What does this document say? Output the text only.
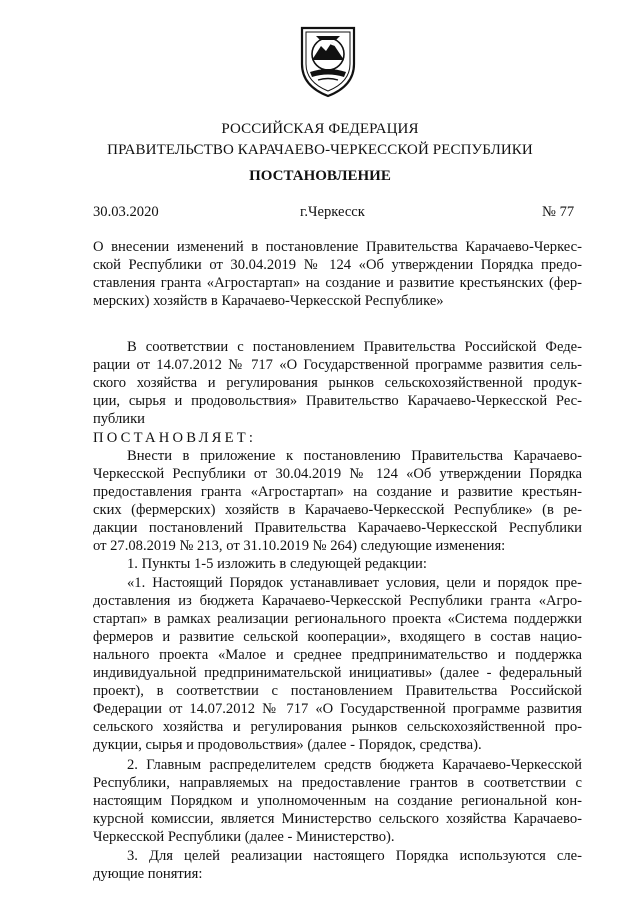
РОССИЙСКАЯ ФЕДЕРАЦИЯ
ПРАВИТЕЛЬСТВО КАРАЧАЕВО-ЧЕРКЕССКОЙ РЕСПУБЛИКИ
ПОСТАНОВЛЕНИЕ
30.03.2020	г.Черкесск	№ 77
О внесении изменений в постановление Правительства Карачаево-Черкес-
ской Республики от 30.04.2019 № 124 «Об утверждении Порядка предо-
ставления гранта «Агростартап» на создание и развитие крестьянских (фер-
мерских) хозяйств в Карачаево-Черкесской Республике»
В соответствии с постановлением Правительства Российской Феде-
рации от 14.07.2012 № 717 «О Государственной программе развития сель-
ского хозяйства и регулирования рынков сельскохозяйственной продук-
ции, сырья и продовольствия» Правительство Карачаево-Черкесской Рес-
публики
ПОСТАНОВЛЯЕТ:
Внести в приложение к постановлению Правительства Карачаево-
Черкесской Республики от 30.04.2019 № 124 «Об утверждении Порядка
предоставления гранта «Агростартап» на создание и развитие крестьян-
ских (фермерских) хозяйств в Карачаево-Черкесской Республике» (в ре-
дакции постановлений Правительства Карачаево-Черкесской Республики
от 27.08.2019 № 213, от 31.10.2019 № 264) следующие изменения:
1. Пункты 1-5 изложить в следующей редакции:
«1. Настоящий Порядок устанавливает условия, цели и порядок пре-
доставления из бюджета Карачаево-Черкесской Республики гранта «Агро-
стартап» в рамках реализации регионального проекта «Система поддержки
фермеров и развитие сельской кооперации», входящего в состав нацио-
нального проекта «Малое и среднее предпринимательство и поддержка
индивидуальной предпринимательской инициативы» (далее - федеральный
проект), в соответствии с постановлением Правительства Российской
Федерации от 14.07.2012 № 717 «О Государственной программе развития
сельского хозяйства и регулирования рынков сельскохозяйственной про-
дукции, сырья и продовольствия» (далее - Порядок, средства).
2. Главным распределителем средств бюджета Карачаево-Черкесской
Республики, направляемых на предоставление грантов в соответствии с
настоящим Порядком и уполномоченным на создание региональной кон-
курсной комиссии, является Министерство сельского хозяйства Карачаево-
Черкесской Республики (далее - Министерство).
3. Для целей реализации настоящего Порядка используются сле-
дующие понятия:
